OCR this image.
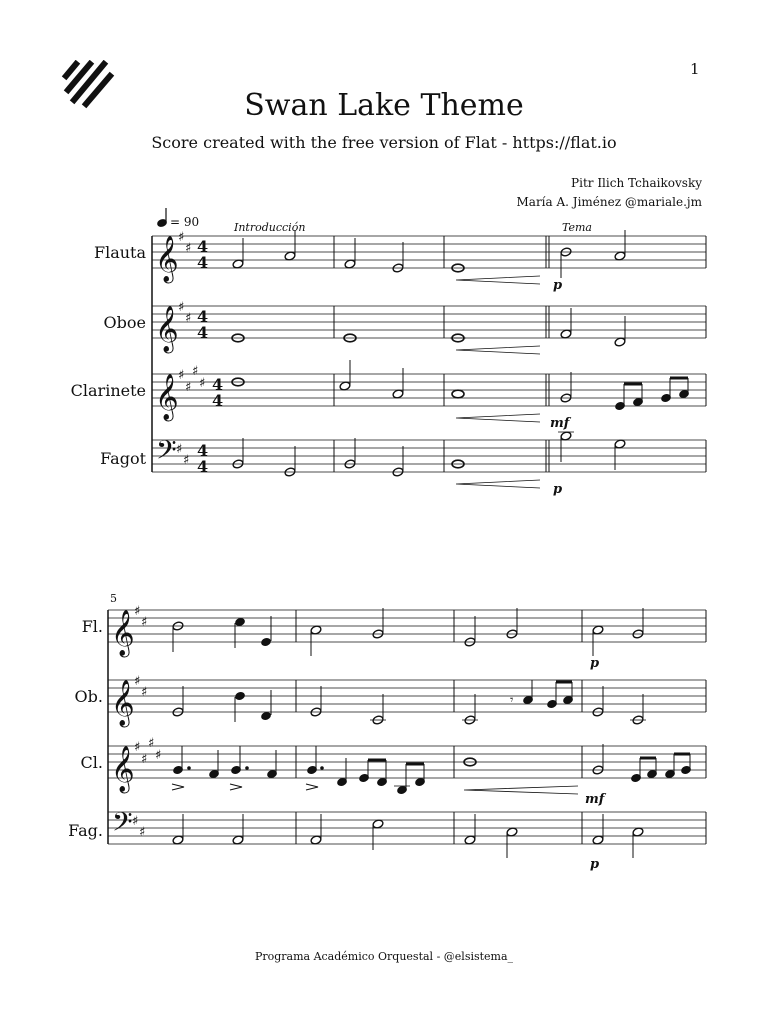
1
Swan Lake Theme
Score created with the free version of Flat - https://flat.io
Pitr Ilich Tchaikovsky
María A. Jiménez @mariale.jm
= 90	Introducción	Tema
𝄞
𝄞
𝄞
𝄢
♯
♯
♯
♯
♯
♯
♯
♯
♯
♯
4
4
4
4
4
4
4
4
Flauta
Oboe
Clarinete
Fagot
p
mf
p
5
𝄞
𝄞
𝄞
𝄢
♯
♯
♯
♯
♯
♯
♯
♯
♯
♯
𝄾
Fl.
Ob.
Cl.
Fag.
p
mf
p
Programa Académico Orquestal - @elsistema_
